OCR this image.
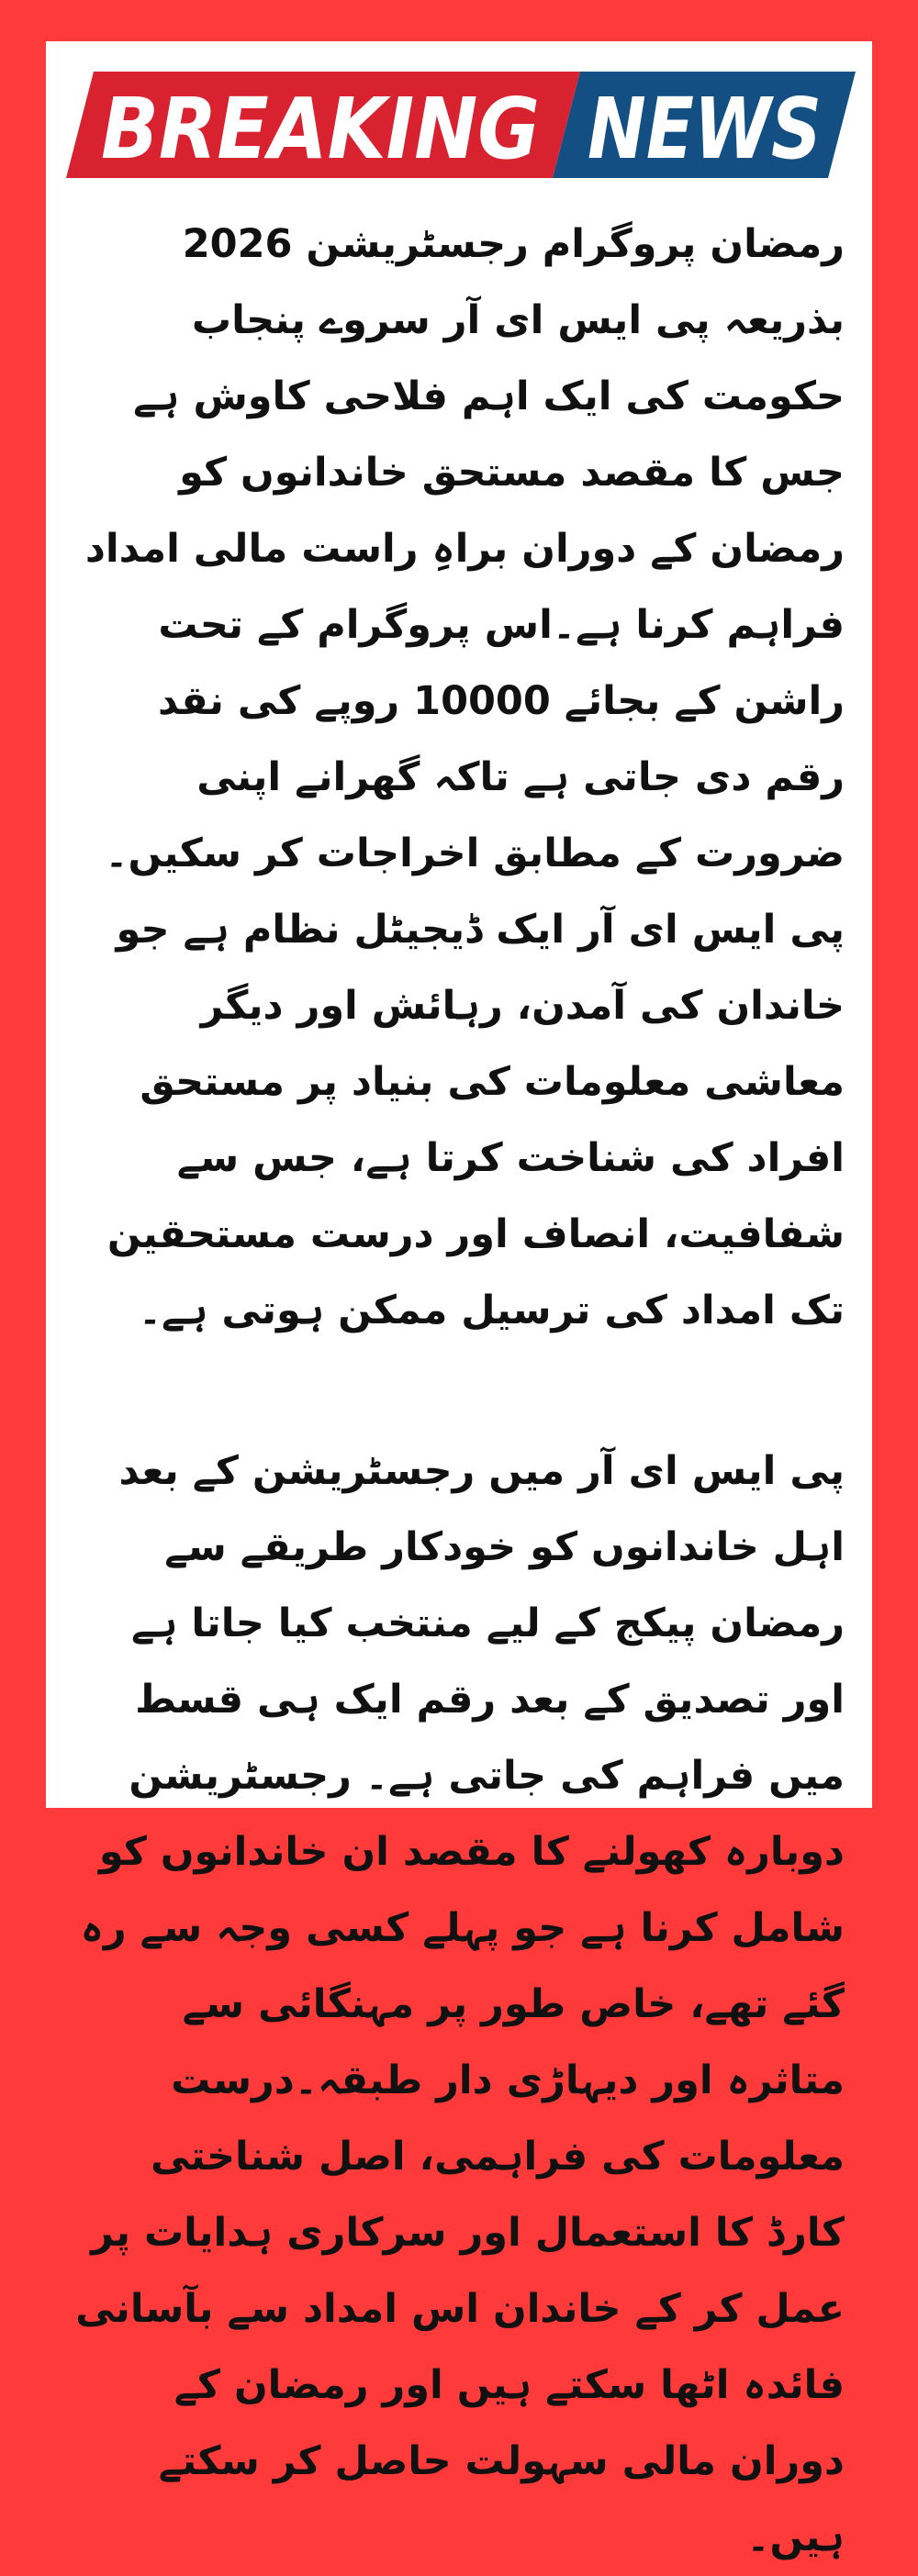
BREAKING NEWS

رمضان پروگرام رجسٹریشن 2026 بذریعہ پی ایس ای آر سروے پنجاب حکومت کی ایک اہم فلاحی کاوش ہے جس کا مقصد مستحق خاندانوں کو رمضان کے دوران براہِ راست مالی امداد فراہم کرنا ہے۔اس پروگرام کے تحت راشن کے بجائے 10000 روپے کی نقد رقم دی جاتی ہے تاکہ گھرانے اپنی ضرورت کے مطابق اخراجات کر سکیں۔پی ایس ای آر ایک ڈیجیٹل نظام ہے جو خاندان کی آمدن، رہائش اور دیگر معاشی معلومات کی بنیاد پر مستحق افراد کی شناخت کرتا ہے، جس سے شفافیت، انصاف اور درست مستحقین تک امداد کی ترسیل ممکن ہوتی ہے۔

پی ایس ای آر میں رجسٹریشن کے بعد اہل خاندانوں کو خودکار طریقے سے رمضان پیکج کے لیے منتخب کیا جاتا ہے اور تصدیق کے بعد رقم ایک ہی قسط میں فراہم کی جاتی ہے۔ رجسٹریشن دوبارہ کھولنے کا مقصد ان خاندانوں کو شامل کرنا ہے جو پہلے کسی وجہ سے رہ گئے تھے، خاص طور پر مہنگائی سے متاثرہ اور دیہاڑی دار طبقہ۔درست معلومات کی فراہمی، اصل شناختی کارڈ کا استعمال اور سرکاری ہدایات پر عمل کر کے خاندان اس امداد سے بآسانی فائدہ اٹھا سکتے ہیں اور رمضان کے دوران مالی سہولت حاصل کر سکتے ہیں۔
